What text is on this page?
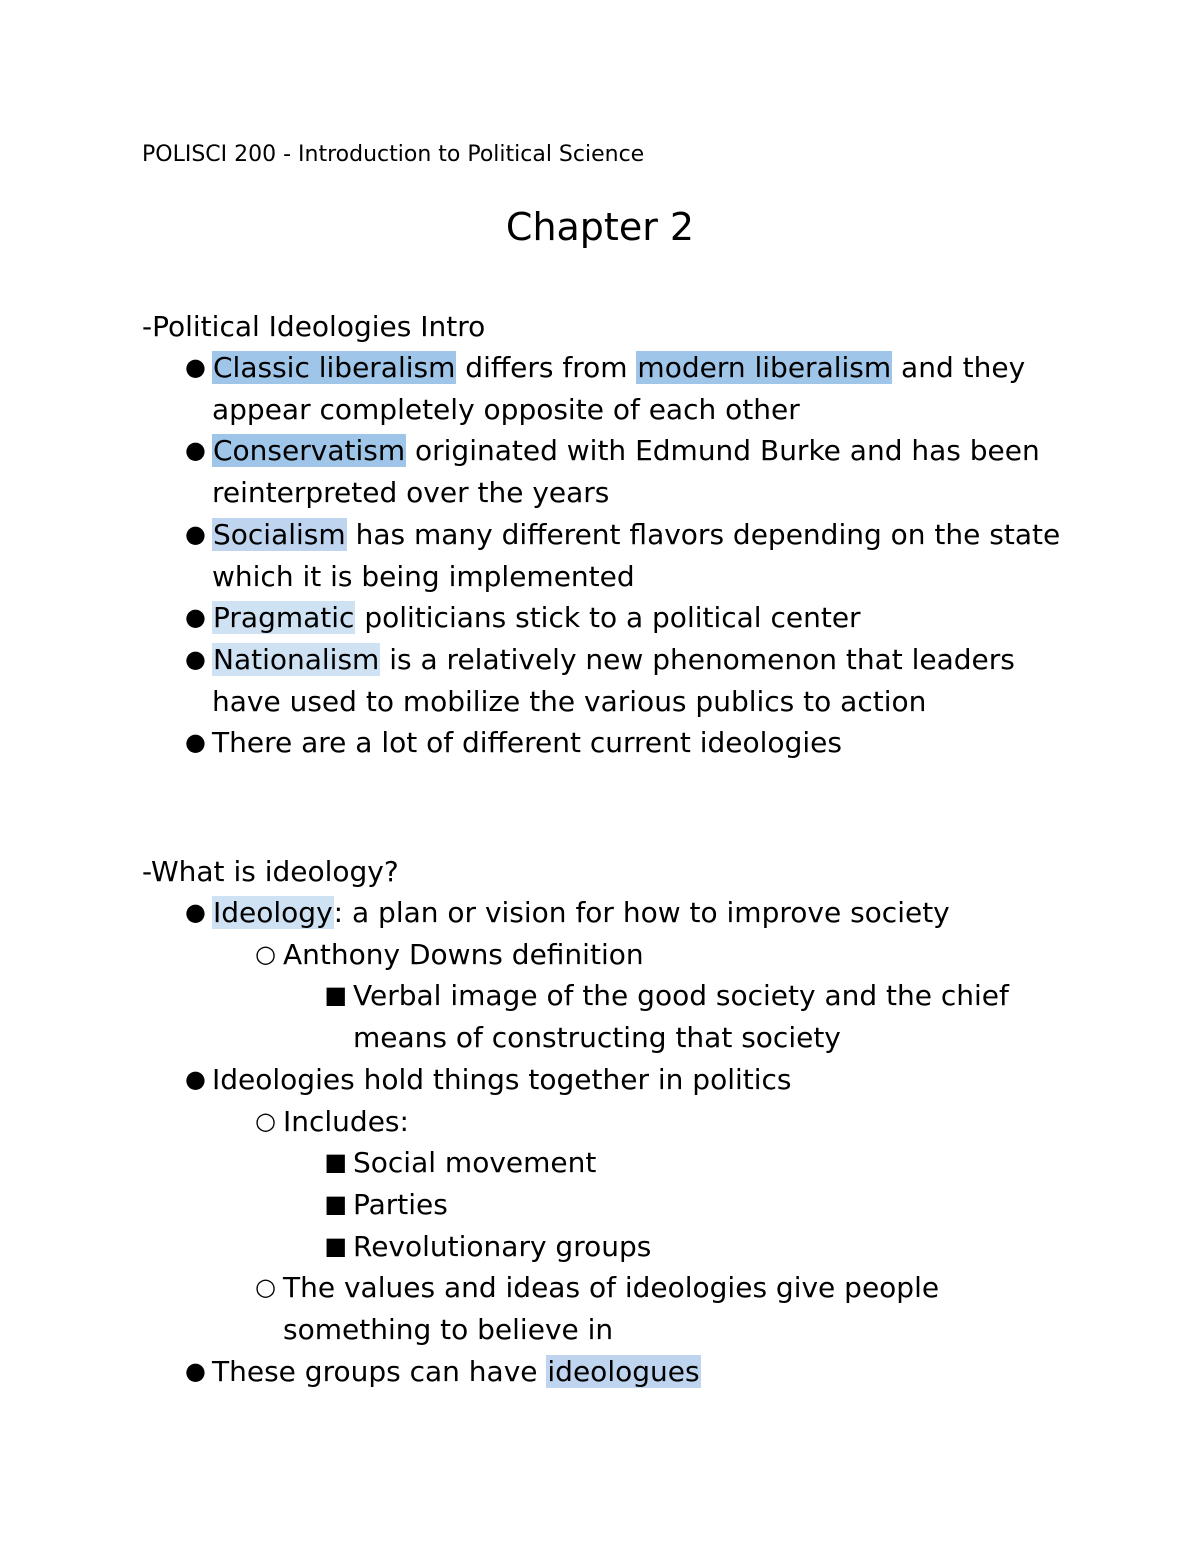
POLISCI 200 - Introduction to Political Science
Chapter 2
-Political Ideologies Intro
● Classic liberalism differs from modern liberalism and they appear completely opposite of each other
● Conservatism originated with Edmund Burke and has been reinterpreted over the years
● Socialism has many different flavors depending on the state which it is being implemented
● Pragmatic politicians stick to a political center
● Nationalism is a relatively new phenomenon that leaders have used to mobilize the various publics to action
● There are a lot of different current ideologies
-What is ideology?
● Ideology: a plan or vision for how to improve society
○ Anthony Downs definition
■ Verbal image of the good society and the chief means of constructing that society
● Ideologies hold things together in politics
○ Includes:
■ Social movement
■ Parties
■ Revolutionary groups
○ The values and ideas of ideologies give people something to believe in
● These groups can have ideologues
